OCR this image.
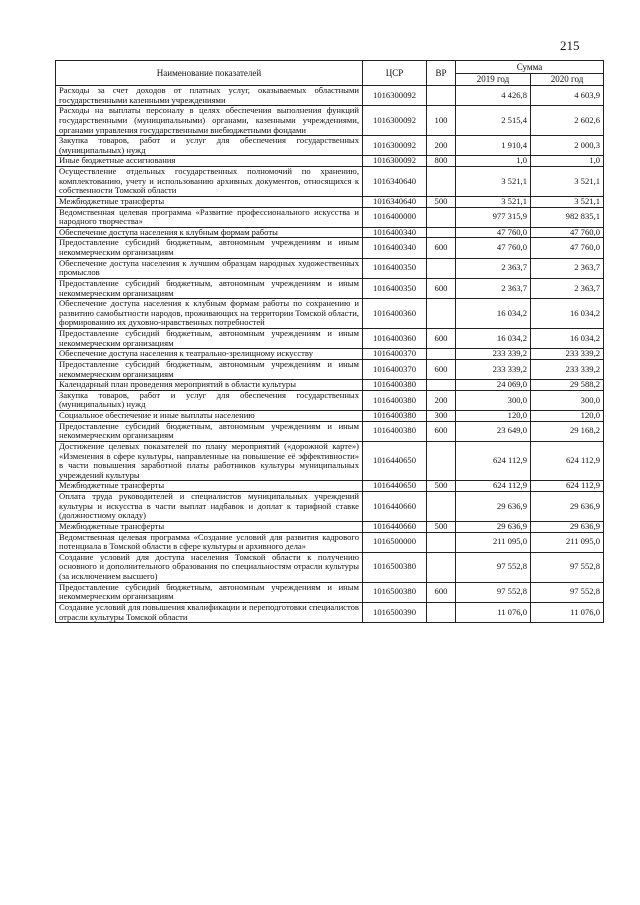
215
Наименование показателей	ЦСР	ВР	Сумма	
			2019 год	2020 год
Расходы за счет доходов от платных услуг, оказываемых областными государственными казенными учреждениями	1016300092		4 426,8	4 603,9
Расходы на выплаты персоналу в целях обеспечения выполнения функций государственными (муниципальными) органами, казенными учреждениями, органами управления государственными внебюджетными фондами	1016300092	100	2 515,4	2 602,6
Закупка товаров, работ и услуг для обеспечения государственных (муниципальных) нужд	1016300092	200	1 910,4	2 000,3
Иные бюджетные ассигнования	1016300092	800	1,0	1,0
Осуществление отдельных государственных полномочий по хранению, комплектованию, учету и использованию архивных документов, относящихся к собственности Томской области	1016340640		3 521,1	3 521,1
Межбюджетные трансферты	1016340640	500	3 521,1	3 521,1
Ведомственная целевая программа «Развитие профессионального искусства и народного творчества»	1016400000		977 315,9	982 835,1
Обеспечение доступа населения к клубным формам работы	1016400340		47 760,0	47 760,0
Предоставление субсидий бюджетным, автономным учреждениям и иным некоммерческим организациям	1016400340	600	47 760,0	47 760,0
Обеспечение доступа населения к лучшим образцам народных художественных промыслов	1016400350		2 363,7	2 363,7
Предоставление субсидий бюджетным, автономным учреждениям и иным некоммерческим организациям	1016400350	600	2 363,7	2 363,7
Обеспечение доступа населения к клубным формам работы по сохранению и развитию самобытности народов, проживающих на территории Томской области, формированию их духовно-нравственных потребностей	1016400360		16 034,2	16 034,2
Предоставление субсидий бюджетным, автономным учреждениям и иным некоммерческим организациям	1016400360	600	16 034,2	16 034,2
Обеспечение доступа населения к театрально-зрелищному искусству	1016400370		233 339,2	233 339,2
Предоставление субсидий бюджетным, автономным учреждениям и иным некоммерческим организациям	1016400370	600	233 339,2	233 339,2
Календарный план проведения мероприятий в области культуры	1016400380		24 069,0	29 588,2
Закупка товаров, работ и услуг для обеспечения государственных (муниципальных) нужд	1016400380	200	300,0	300,0
Социальное обеспечение и иные выплаты населению	1016400380	300	120,0	120,0
Предоставление субсидий бюджетным, автономным учреждениям и иным некоммерческим организациям	1016400380	600	23 649,0	29 168,2
Достижение целевых показателей по плану мероприятий («дорожной карте») «Изменения в сфере культуры, направленные на повышение её эффективности» в части повышения заработной платы работников культуры муниципальных учреждений культуры	1016440650		624 112,9	624 112,9
Межбюджетные трансферты	1016440650	500	624 112,9	624 112,9
Оплата труда руководителей и специалистов муниципальных учреждений культуры и искусства в части выплат надбавок и доплат к тарифной ставке (должностному окладу)	1016440660		29 636,9	29 636,9
Межбюджетные трансферты	1016440660	500	29 636,9	29 636,9
Ведомственная целевая программа «Создание условий для развития кадрового потенциала в Томской области в сфере культуры и архивного дела»	1016500000		211 095,0	211 095,0
Создание условий для доступа населения Томской области к получению основного и дополнительного образования по специальностям отрасли культуры (за исключением высшего)	1016500380		97 552,8	97 552,8
Предоставление субсидий бюджетным, автономным учреждениям и иным некоммерческим организациям	1016500380	600	97 552,8	97 552,8
Создание условий для повышения квалификации и переподготовки специалистов отрасли культуры Томской области	1016500390		11 076,0	11 076,0
